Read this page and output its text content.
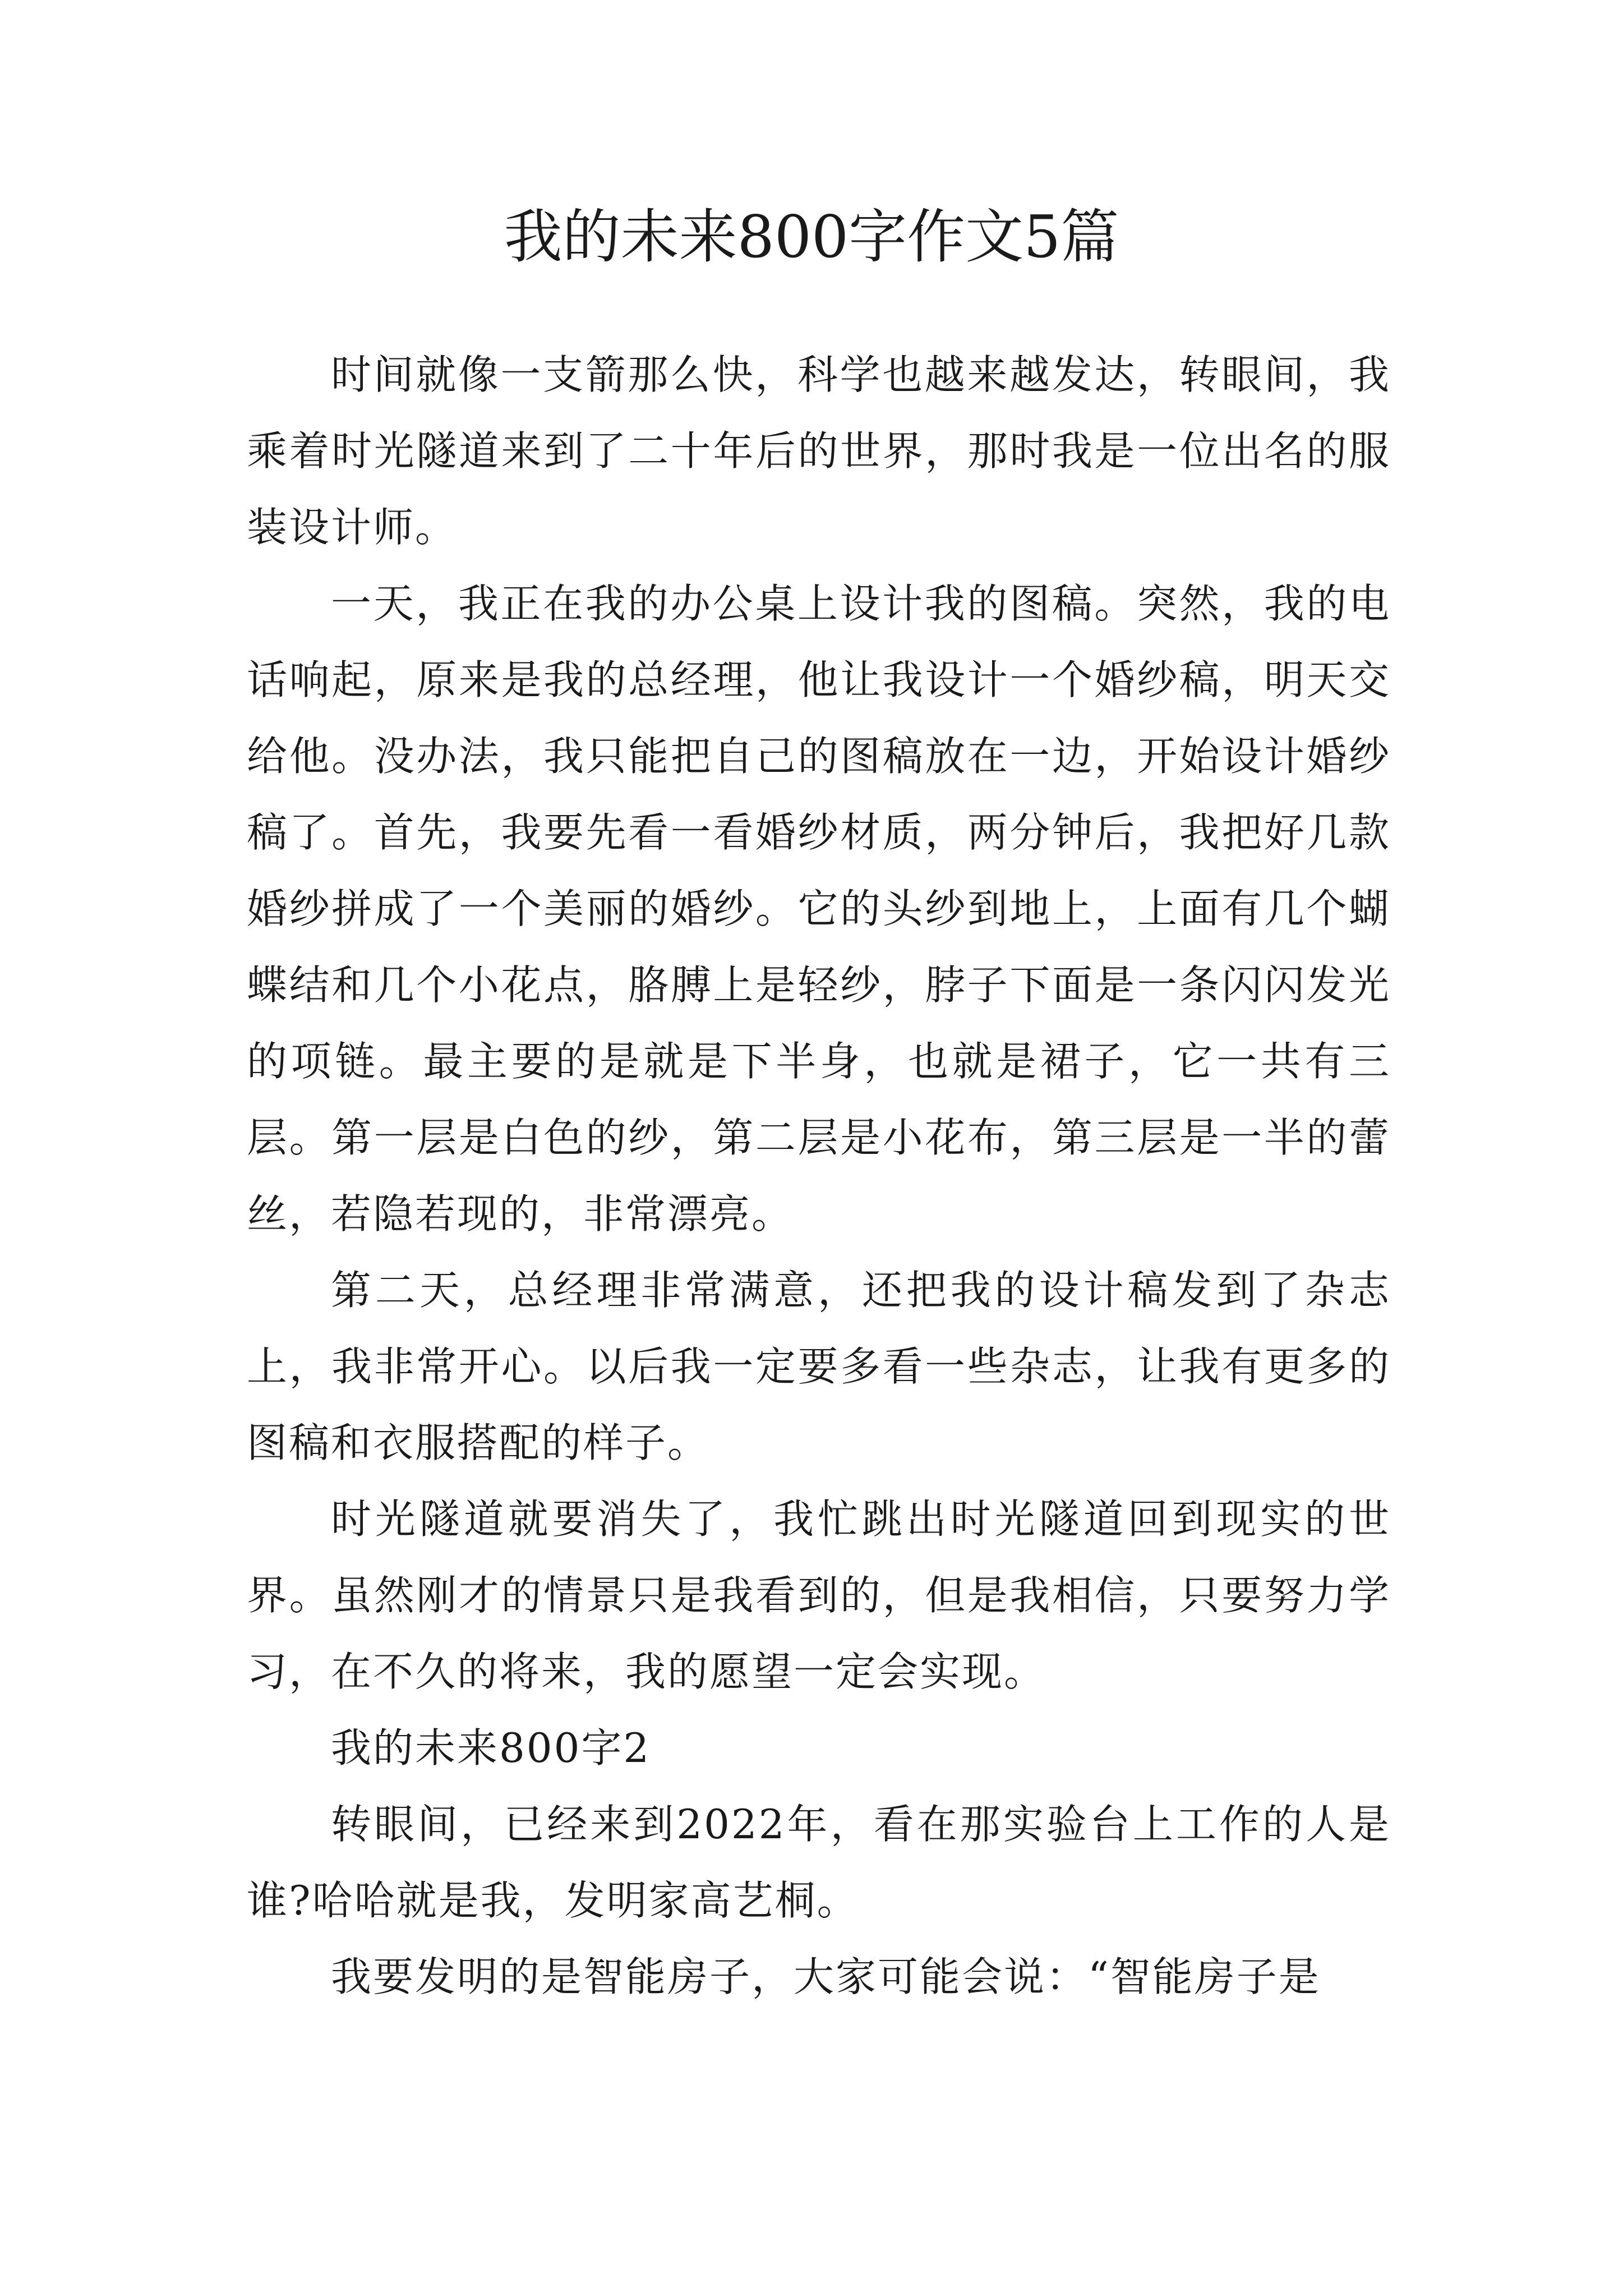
我的未来800字作文5篇

时间就像一支箭那么快，科学也越来越发达，转眼间，我乘着时光隧道来到了二十年后的世界，那时我是一位出名的服装设计师。

一天，我正在我的办公桌上设计我的图稿。突然，我的电话响起，原来是我的总经理，他让我设计一个婚纱稿，明天交给他。没办法，我只能把自己的图稿放在一边，开始设计婚纱稿了。首先，我要先看一看婚纱材质，两分钟后，我把好几款婚纱拼成了一个美丽的婚纱。它的头纱到地上，上面有几个蝴蝶结和几个小花点，胳膊上是轻纱，脖子下面是一条闪闪发光的项链。最主要的是就是下半身，也就是裙子，它一共有三层。第一层是白色的纱，第二层是小花布，第三层是一半的蕾丝，若隐若现的，非常漂亮。

第二天，总经理非常满意，还把我的设计稿发到了杂志上，我非常开心。以后我一定要多看一些杂志，让我有更多的图稿和衣服搭配的样子。

时光隧道就要消失了，我忙跳出时光隧道回到现实的世界。虽然刚才的情景只是我看到的，但是我相信，只要努力学习，在不久的将来，我的愿望一定会实现。

我的未来800字2

转眼间，已经来到2022年，看在那实验台上工作的人是谁?哈哈就是我，发明家高艺桐。

我要发明的是智能房子，大家可能会说：“智能房子是
